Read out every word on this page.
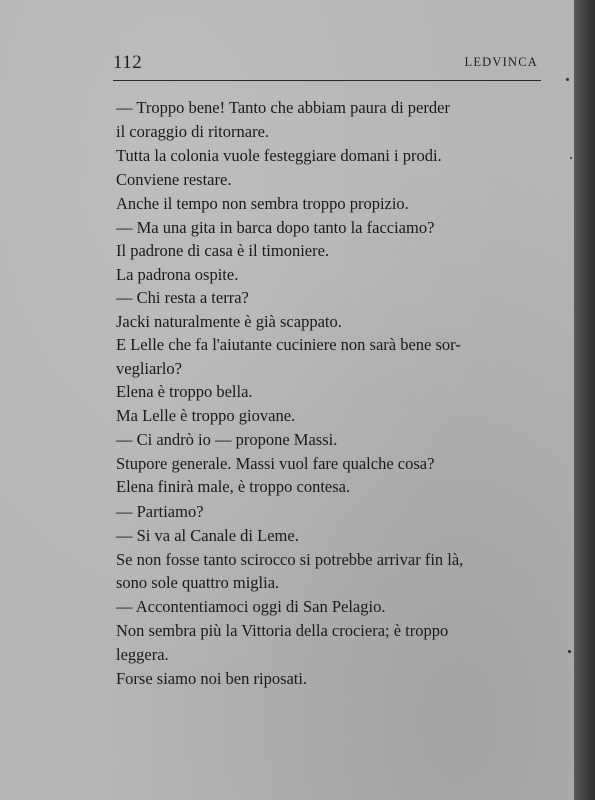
112	LEDVINCA
— Troppo bene! Tanto che abbiam paura di perder
il coraggio di ritornare.
Tutta la colonia vuole festeggiare domani i prodi.
Conviene restare.
Anche il tempo non sembra troppo propizio.
— Ma una gita in barca dopo tanto la facciamo?
Il padrone di casa è il timoniere.
La padrona ospite.
— Chi resta a terra?
Jacki naturalmente è già scappato.
E Lelle che fa l'aiutante cuciniere non sarà bene sor-
vegliarlo?
Elena è troppo bella.
Ma Lelle è troppo giovane.
— Ci andrò io — propone Massi.
Stupore generale. Massi vuol fare qualche cosa?
Elena finirà male, è troppo contesa.
— Partiamo?
— Si va al Canale di Leme.
Se non fosse tanto scirocco si potrebbe arrivar fin là,
sono sole quattro miglia.
— Accontentiamoci oggi di San Pelagio.
Non sembra più la Vittoria della crociera; è troppo
leggera.
Forse siamo noi ben riposati.
